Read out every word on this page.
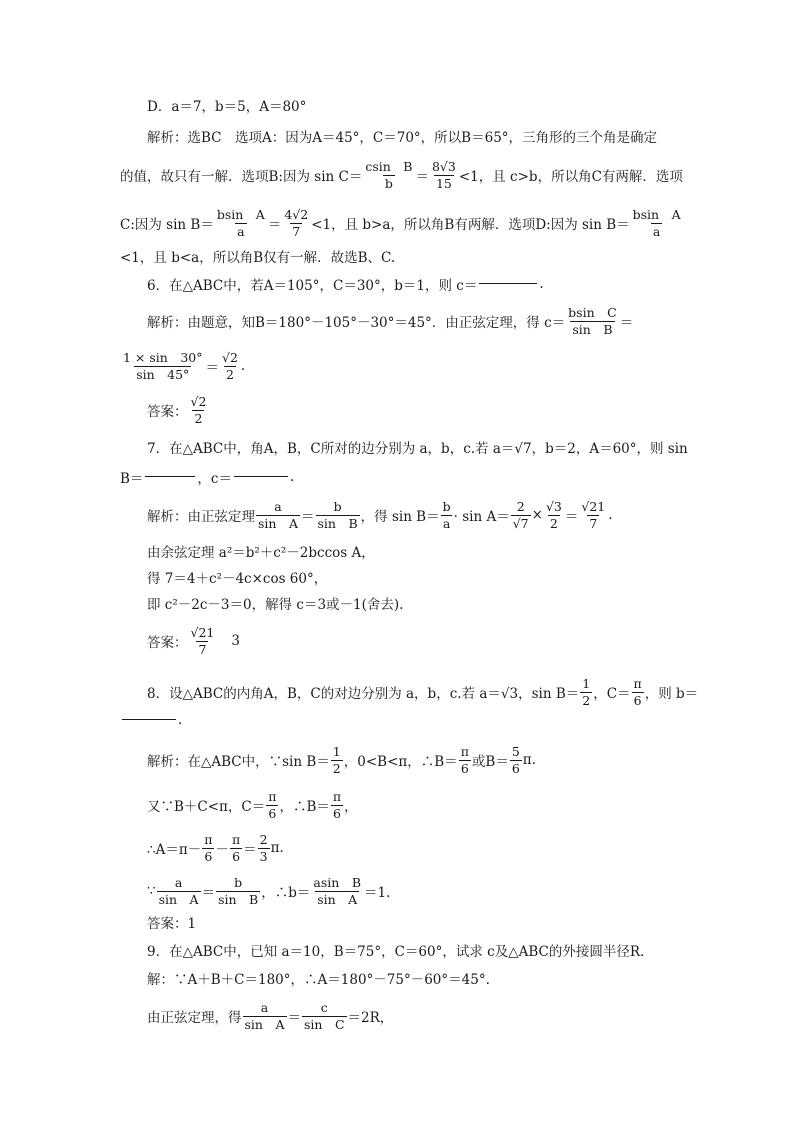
D．a＝7，b＝5，A＝80°
解析：选BC　选项A：因为A＝45°，C＝70°，所以B＝65°，三角形的三个角是确定
的值，故只有一解．选项B:因为 $\sin C= \frac{\text{csin　B}}{b} = \frac{8√3}{15} <1$，且 c>b，所以角C有两解．选项
C:因为 $\sin B= \frac{\text{bsin　A}}{a} = \frac{4√2}{7} <1$，且 b>a，所以角B有两解．选项D:因为 $\sin B= \frac{\text{bsin　A}}{a}$
<1，且 b<a，所以角B仅有一解．故选B、C.
6．在△ABC中，若A＝105°，C＝30°，b＝1，则 c＝	.
解析：由题意，知B＝180°－105°－30°＝45°．由正弦定理，得 $c= \frac{\text{bsin　C}}{\text{sin　B}}$ ＝
$\frac{1 \times \sin 30^\circ}{\sin 45^\circ} = \frac{√2}{2}$ .
答案： $\frac{√2}{2}$
7．在△ABC中，角A，B，C所对的边分别为 a，b，c.若 a＝√7，b＝2，A＝60°，则 sin
B＝	，c＝	.
解析：由正弦定理 $\frac{a}{\text{sin　A}} = \frac{b}{\text{sin　B}}$ ，得 $\sin B= \frac{b}{a} \cdot \sin A= \frac{2}{√7} \times \frac{√3}{2} = \frac{√21}{7}$ .
由余弦定理 a²＝b²＋c²－2bccos A，
得 7＝4＋c²－4c×cos 60°，
即 c²－2c－3＝0，解得 c＝3或－1(舍去).
答案： $\frac{√21}{7} 3$
8．设△ABC的内角A，B，C的对边分别为 a，b，c.若 a＝√3，$\sin B= \frac{1}{2}$ ，$C= \frac{\pi}{6}$ ，则 b＝
.
解析：在△ABC中，∵sin $B= \frac{1}{2}$ ，0<B<π，∴B＝ $\frac{\pi}{6}$ 或$B= \frac{5}{6} \pi$.
又∵B＋C<π，$C= \frac{\pi}{6}$ ，∴B＝ $\frac{\pi}{6}$ ，
∴A＝π－ $\frac{\pi}{6} - \frac{\pi}{6} = \frac{2}{3} \pi$.
∵ $\frac{a}{\text{sin　A}} = \frac{b}{\text{sin　B}}$ ，∴b＝ $\frac{\text{asin　B}}{\text{sin　A}} =1$.
答案：1
9．在△ABC中，已知 a＝10，B＝75°，C＝60°，试求 c及△ABC的外接圆半径R.
解：∵A＋B＋C＝180°，∴A＝180°－75°－60°＝45°.
由正弦定理，得 $\frac{a}{\text{sin　A}} = \frac{c}{\text{sin　C}} =2R$，
